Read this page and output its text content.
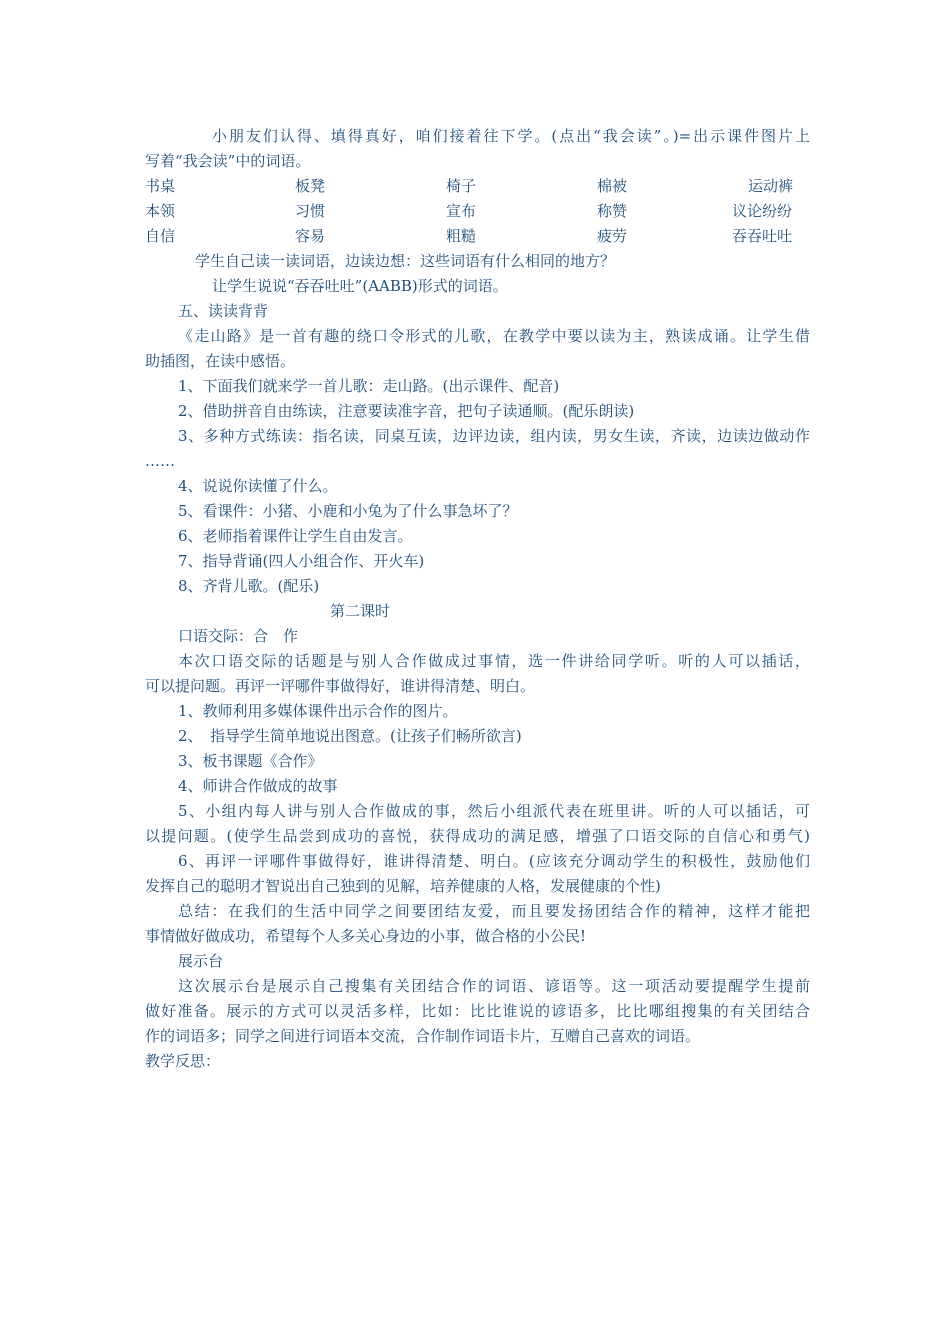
小朋友们认得、填得真好，咱们接着往下学。(点出“我会读”。)=出示课件图片上
写着“我会读”中的词语。
书桌	板凳	椅子	棉被	运动裤
本领	习惯	宣布	称赞	议论纷纷
自信	容易	粗糙	疲劳	吞吞吐吐
学生自己读一读词语，边读边想：这些词语有什么相同的地方？
让学生说说“吞吞吐吐”(AABB)形式的词语。
五、读读背背
《走山路》是一首有趣的绕口令形式的儿歌，在教学中要以读为主，熟读成诵。让学生借
助插图，在读中感悟。
1、下面我们就来学一首儿歌：走山路。(出示课件、配音)
2、借助拼音自由练读，注意要读准字音，把句子读通顺。(配乐朗读)
3、多种方式练读：指名读，同桌互读，边评边读，组内读，男女生读，齐读，边读边做动作
……
4、说说你读懂了什么。
5、看课件：小猪、小鹿和小兔为了什么事急坏了？
6、老师指着课件让学生自由发言。
7、指导背诵(四人小组合作、开火车)
8、齐背儿歌。(配乐)
第二课时
口语交际：合　作
本次口语交际的话题是与别人合作做成过事情，选一件讲给同学听。听的人可以插话，
可以提问题。再评一评哪件事做得好，谁讲得清楚、明白。
1、教师利用多媒体课件出示合作的图片。
2、　指导学生简单地说出图意。(让孩子们畅所欲言)
3、板书课题《合作》
4、师讲合作做成的故事
5、小组内每人讲与别人合作做成的事，然后小组派代表在班里讲。听的人可以插话，可
以提问题。(使学生品尝到成功的喜悦，获得成功的满足感，增强了口语交际的自信心和勇气)
6、再评一评哪件事做得好，谁讲得清楚、明白。(应该充分调动学生的积极性，鼓励他们
发挥自己的聪明才智说出自己独到的见解，培养健康的人格，发展健康的个性)
总结：在我们的生活中同学之间要团结友爱，而且要发扬团结合作的精神，这样才能把
事情做好做成功，希望每个人多关心身边的小事，做合格的小公民!
展示台
这次展示台是展示自己搜集有关团结合作的词语、谚语等。这一项活动要提醒学生提前
做好准备。展示的方式可以灵活多样，比如：比比谁说的谚语多，比比哪组搜集的有关团结合
作的词语多；同学之间进行词语本交流，合作制作词语卡片，互赠自己喜欢的词语。
教学反思：
